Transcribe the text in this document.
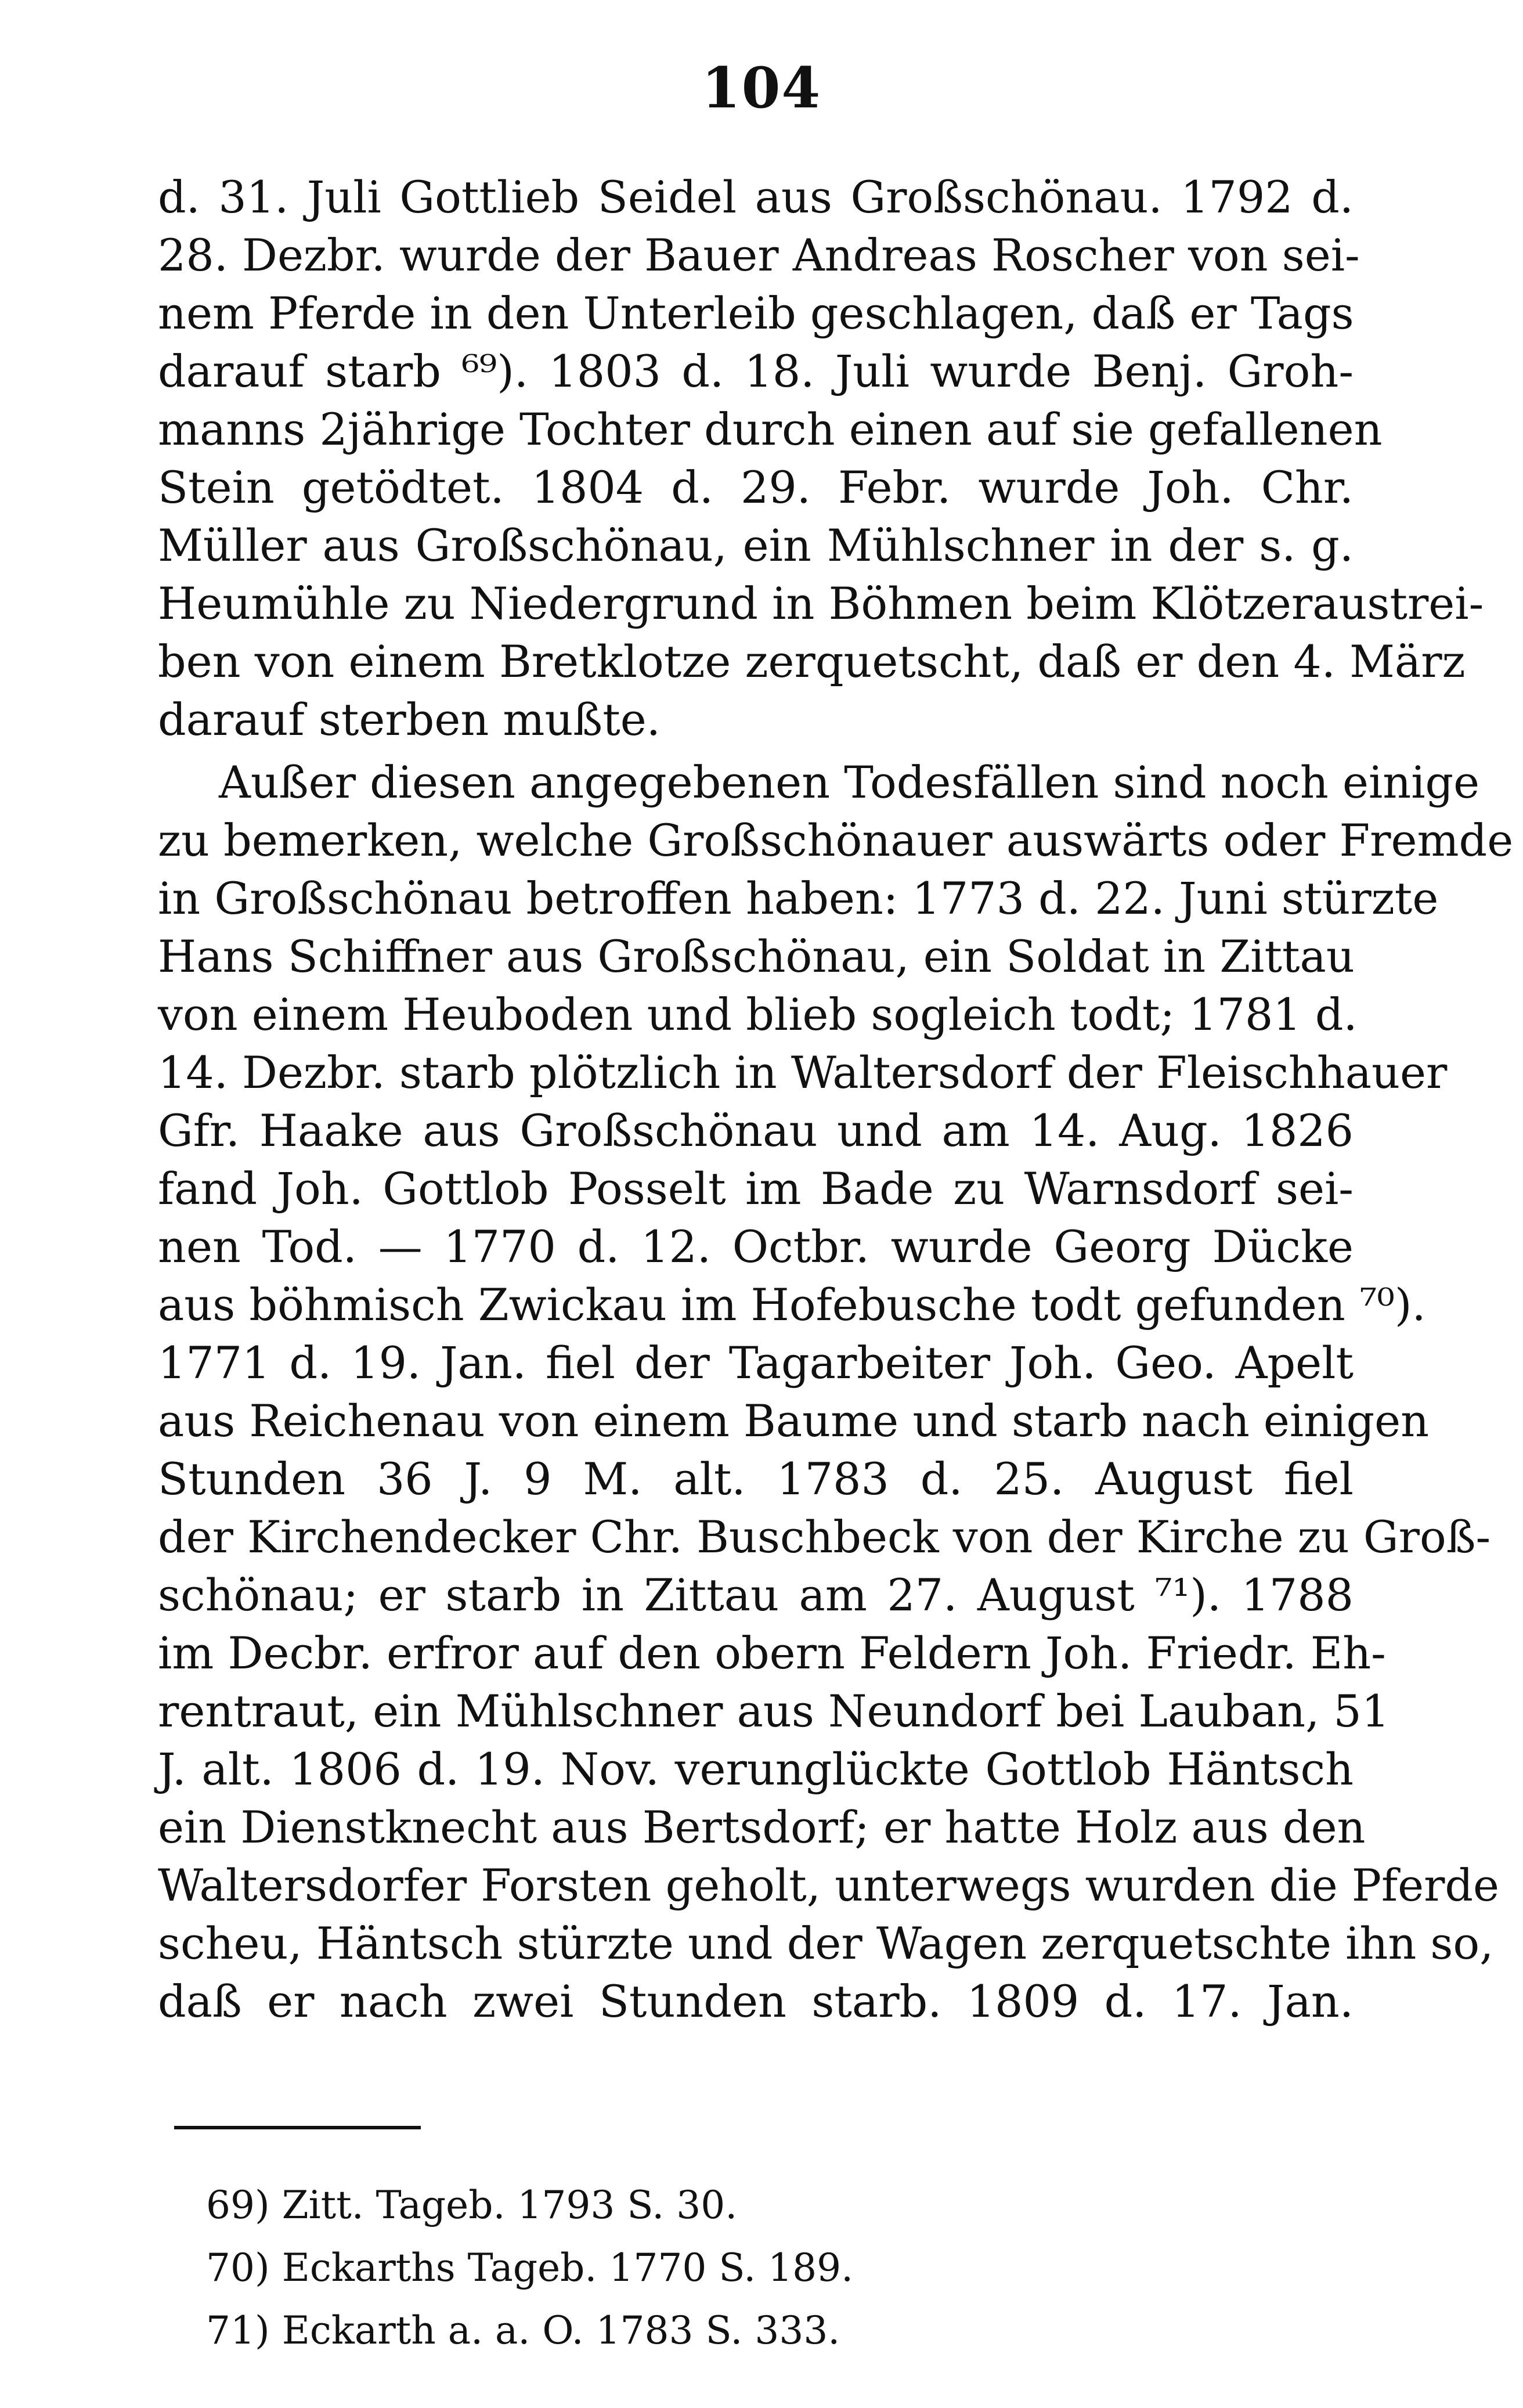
104
d. 31. Juli Gottlieb Seidel aus Großschönau. 1792 d.
28. Dezbr. wurde der Bauer Andreas Roscher von sei-
nem Pferde in den Unterleib geschlagen, daß er Tags
darauf starb ⁶⁹). 1803 d. 18. Juli wurde Benj. Groh-
manns 2jährige Tochter durch einen auf sie gefallenen
Stein getödtet. 1804 d. 29. Febr. wurde Joh. Chr.
Müller aus Großschönau, ein Mühlschner in der s. g.
Heumühle zu Niedergrund in Böhmen beim Klötzeraustrei-
ben von einem Bretklotze zerquetscht, daß er den 4. März
darauf sterben mußte.
Außer diesen angegebenen Todesfällen sind noch einige
zu bemerken, welche Großschönauer auswärts oder Fremde
in Großschönau betroffen haben: 1773 d. 22. Juni stürzte
Hans Schiffner aus Großschönau, ein Soldat in Zittau
von einem Heuboden und blieb sogleich todt; 1781 d.
14. Dezbr. starb plötzlich in Waltersdorf der Fleischhauer
Gfr. Haake aus Großschönau und am 14. Aug. 1826
fand Joh. Gottlob Posselt im Bade zu Warnsdorf sei-
nen Tod. — 1770 d. 12. Octbr. wurde Georg Dücke
aus böhmisch Zwickau im Hofebusche todt gefunden ⁷⁰).
1771 d. 19. Jan. fiel der Tagarbeiter Joh. Geo. Apelt
aus Reichenau von einem Baume und starb nach einigen
Stunden 36 J. 9 M. alt. 1783 d. 25. August fiel
der Kirchendecker Chr. Buschbeck von der Kirche zu Groß-
schönau; er starb in Zittau am 27. August ⁷¹). 1788
im Decbr. erfror auf den obern Feldern Joh. Friedr. Eh-
rentraut, ein Mühlschner aus Neundorf bei Lauban, 51
J. alt. 1806 d. 19. Nov. verunglückte Gottlob Häntsch
ein Dienstknecht aus Bertsdorf; er hatte Holz aus den
Waltersdorfer Forsten geholt, unterwegs wurden die Pferde
scheu, Häntsch stürzte und der Wagen zerquetschte ihn so,
daß er nach zwei Stunden starb. 1809 d. 17. Jan.
69) Zitt. Tageb. 1793 S. 30.
70) Eckarths Tageb. 1770 S. 189.
71) Eckarth a. a. O. 1783 S. 333.
